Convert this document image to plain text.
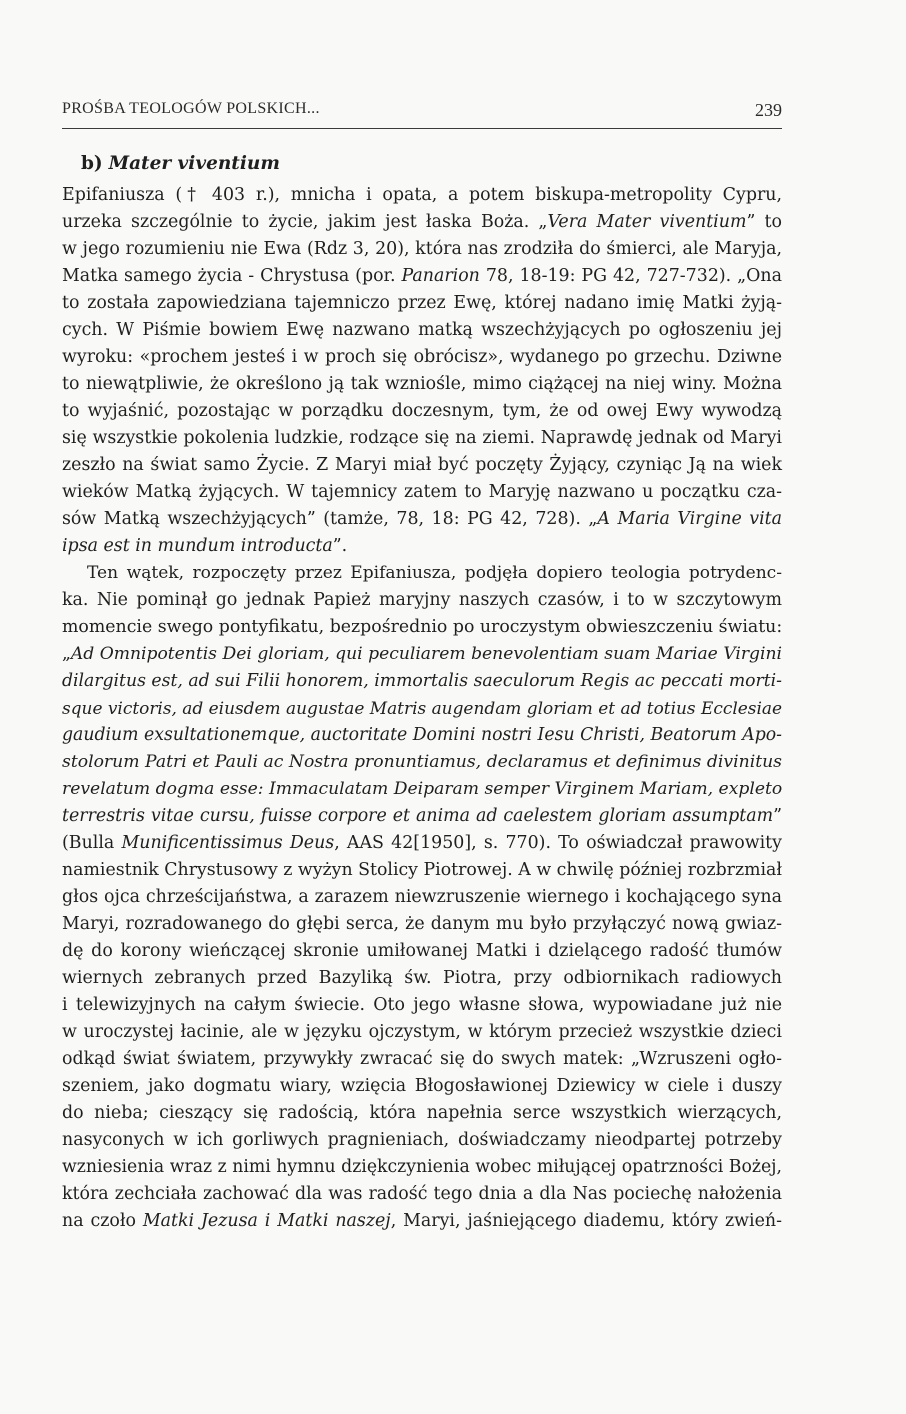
PROŚBA TEOLOGÓW POLSKICH...	239
b) Mater viventium
Epifaniusza († 403 r.), mnicha i opata, a potem biskupa-metropolity Cypru,
urzeka szczególnie to życie, jakim jest łaska Boża. „Vera Mater viventium” to
w jego rozumieniu nie Ewa (Rdz 3, 20), która nas zrodziła do śmierci, ale Maryja,
Matka samego życia - Chrystusa (por. Panarion 78, 18-19: PG 42, 727-732). „Ona
to została zapowiedziana tajemniczo przez Ewę, której nadano imię Matki żyją-
cych. W Piśmie bowiem Ewę nazwano matką wszechżyjących po ogłoszeniu jej
wyroku: «prochem jesteś i w proch się obrócisz», wydanego po grzechu. Dziwne
to niewątpliwie, że określono ją tak wzniośle, mimo ciążącej na niej winy. Można
to wyjaśnić, pozostając w porządku doczesnym, tym, że od owej Ewy wywodzą
się wszystkie pokolenia ludzkie, rodzące się na ziemi. Naprawdę jednak od Maryi
zeszło na świat samo Życie. Z Maryi miał być poczęty Żyjący, czyniąc Ją na wiek
wieków Matką żyjących. W tajemnicy zatem to Maryję nazwano u początku cza-
sów Matką wszechżyjących” (tamże, 78, 18: PG 42, 728). „A Maria Virgine vita
ipsa est in mundum introducta”.
Ten wątek, rozpoczęty przez Epifaniusza, podjęła dopiero teologia potrydenc-
ka. Nie pominął go jednak Papież maryjny naszych czasów, i to w szczytowym
momencie swego pontyfikatu, bezpośrednio po uroczystym obwieszczeniu światu:
„Ad Omnipotentis Dei gloriam, qui peculiarem benevolentiam suam Mariae Virgini
dilargitus est, ad sui Filii honorem, immortalis saeculorum Regis ac peccati morti-
sque victoris, ad eiusdem augustae Matris augendam gloriam et ad totius Ecclesiae
gaudium exsultationemque, auctoritate Domini nostri Iesu Christi, Beatorum Apo-
stolorum Patri et Pauli ac Nostra pronuntiamus, declaramus et definimus divinitus
revelatum dogma esse: Immaculatam Deiparam semper Virginem Mariam, expleto
terrestris vitae cursu, fuisse corpore et anima ad caelestem gloriam assumptam”
(Bulla Munificentissimus Deus, AAS 42[1950], s. 770). To oświadczał prawowity
namiestnik Chrystusowy z wyżyn Stolicy Piotrowej. A w chwilę później rozbrzmiał
głos ojca chrześcijaństwa, a zarazem niewzruszenie wiernego i kochającego syna
Maryi, rozradowanego do głębi serca, że danym mu było przyłączyć nową gwiaz-
dę do korony wieńczącej skronie umiłowanej Matki i dzielącego radość tłumów
wiernych zebranych przed Bazyliką św. Piotra, przy odbiornikach radiowych
i telewizyjnych na całym świecie. Oto jego własne słowa, wypowiadane już nie
w uroczystej łacinie, ale w języku ojczystym, w którym przecież wszystkie dzieci
odkąd świat światem, przywykły zwracać się do swych matek: „Wzruszeni ogło-
szeniem, jako dogmatu wiary, wzięcia Błogosławionej Dziewicy w ciele i duszy
do nieba; cieszący się radością, która napełnia serce wszystkich wierzących,
nasyconych w ich gorliwych pragnieniach, doświadczamy nieodpartej potrzeby
wzniesienia wraz z nimi hymnu dziękczynienia wobec miłującej opatrzności Bożej,
która zechciała zachować dla was radość tego dnia a dla Nas pociechę nałożenia
na czoło Matki Jezusa i Matki naszej, Maryi, jaśniejącego diademu, który zwień-
